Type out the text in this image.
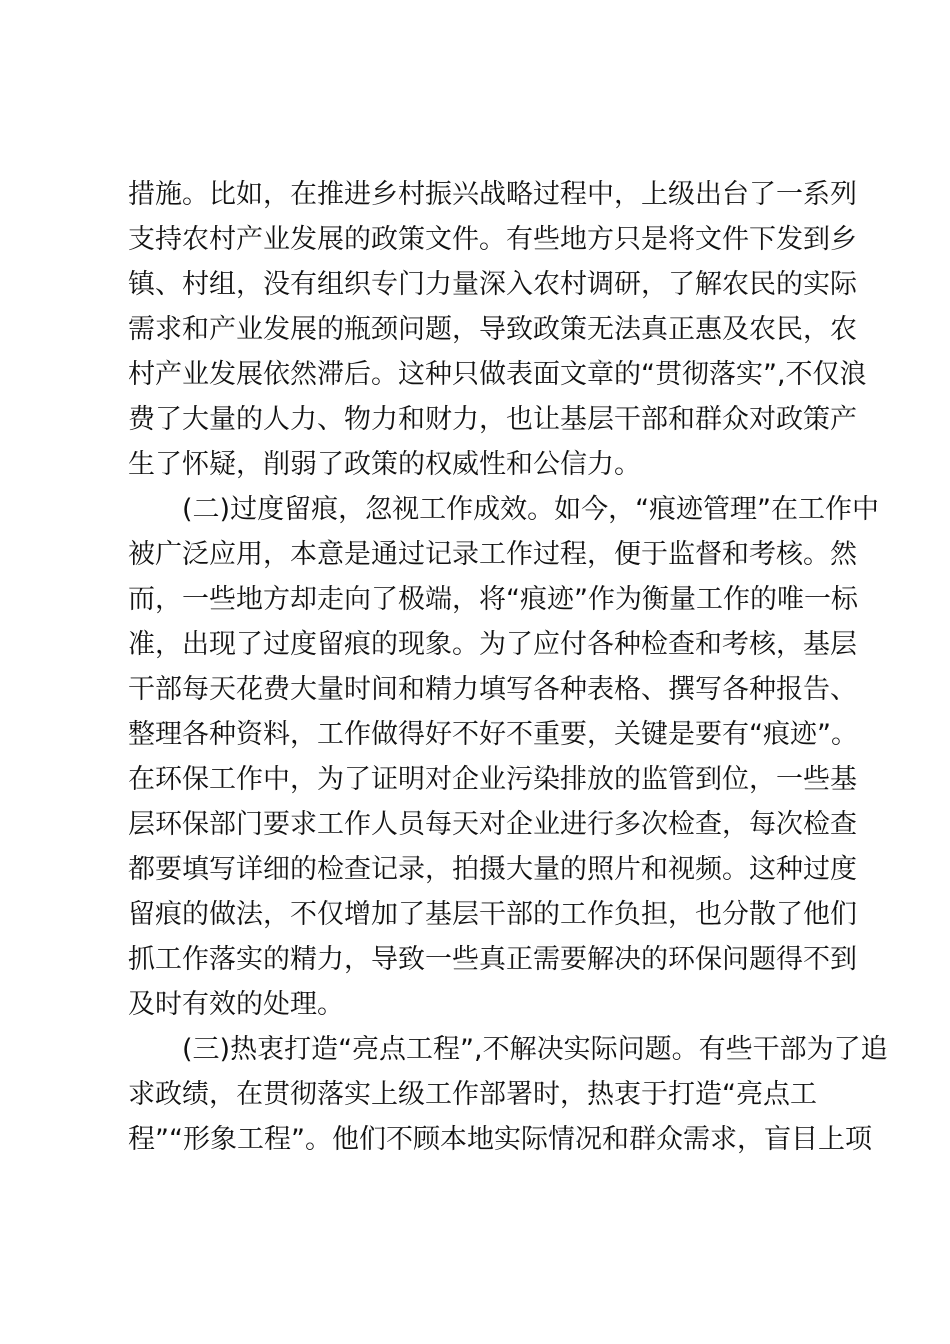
措施。比如，在推进乡村振兴战略过程中，上级出台了一系列
支持农村产业发展的政策文件。有些地方只是将文件下发到乡
镇、村组，没有组织专门力量深入农村调研，了解农民的实际
需求和产业发展的瓶颈问题，导致政策无法真正惠及农民，农
村产业发展依然滞后。这种只做表面文章的“贯彻落实”,不仅浪
费了大量的人力、物力和财力，也让基层干部和群众对政策产
生了怀疑，削弱了政策的权威性和公信力。
　　(二)过度留痕，忽视工作成效。如今，“痕迹管理”在工作中
被广泛应用，本意是通过记录工作过程，便于监督和考核。然
而，一些地方却走向了极端，将“痕迹”作为衡量工作的唯一标
准，出现了过度留痕的现象。为了应付各种检查和考核，基层
干部每天花费大量时间和精力填写各种表格、撰写各种报告、
整理各种资料，工作做得好不好不重要，关键是要有“痕迹”。
在环保工作中，为了证明对企业污染排放的监管到位，一些基
层环保部门要求工作人员每天对企业进行多次检查，每次检查
都要填写详细的检查记录，拍摄大量的照片和视频。这种过度
留痕的做法，不仅增加了基层干部的工作负担，也分散了他们
抓工作落实的精力，导致一些真正需要解决的环保问题得不到
及时有效的处理。
　　(三)热衷打造“亮点工程”,不解决实际问题。有些干部为了追
求政绩，在贯彻落实上级工作部署时，热衷于打造“亮点工
程”“形象工程”。他们不顾本地实际情况和群众需求，盲目上项
